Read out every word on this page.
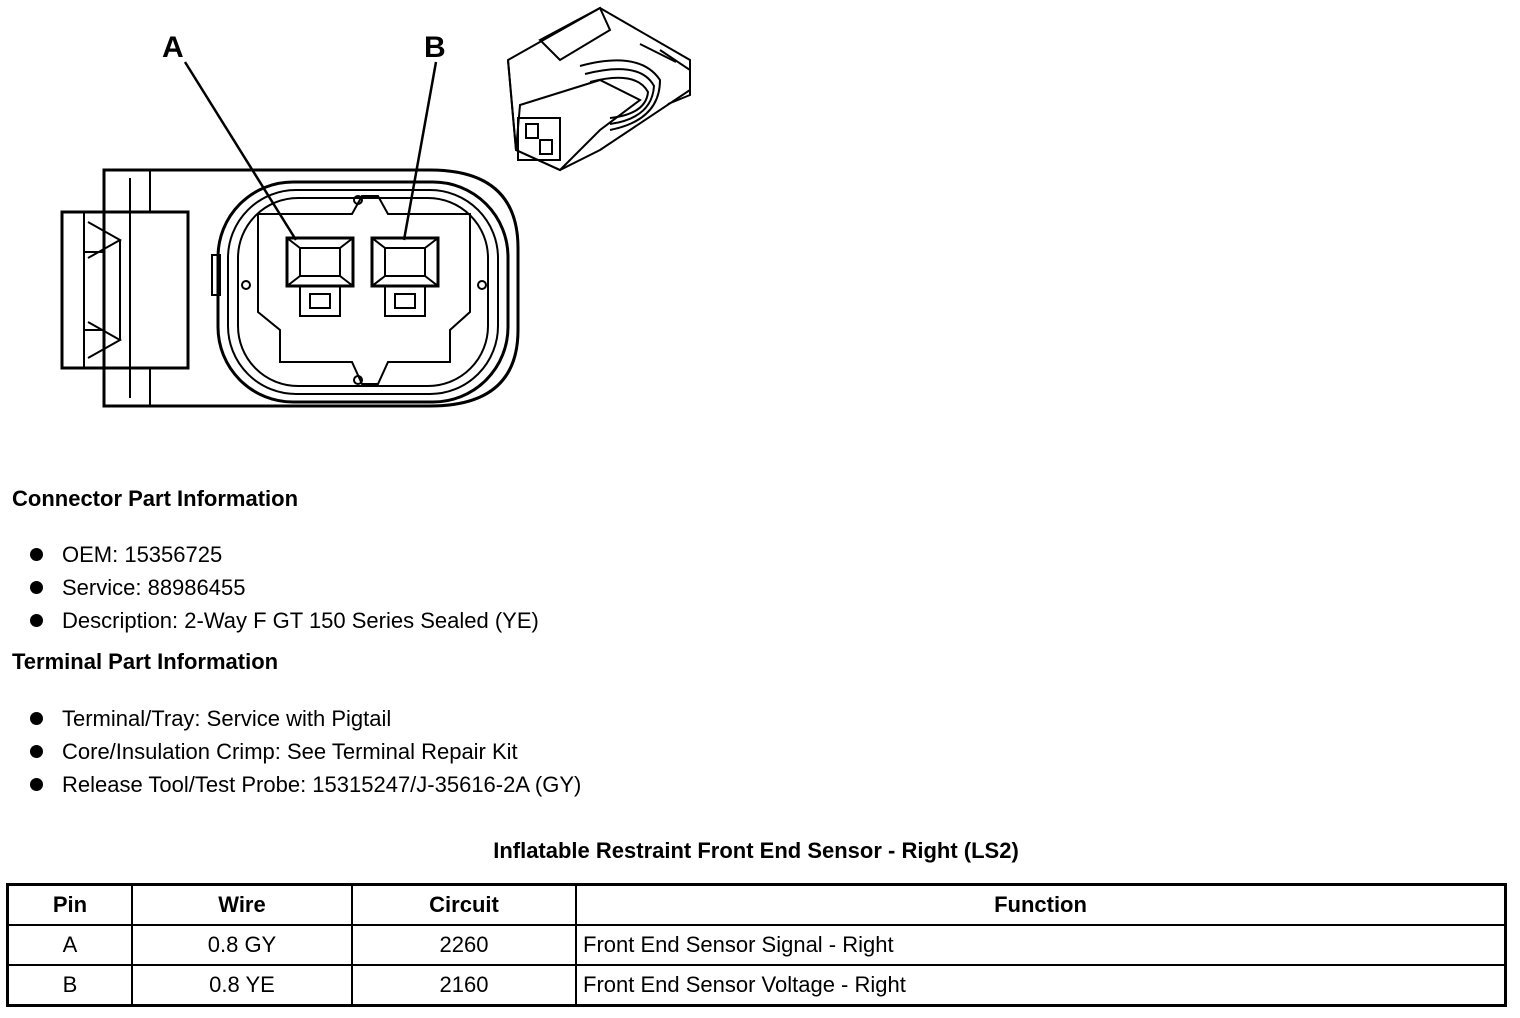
A	B
Connector Part Information
OEM: 15356725
Service: 88986455
Description: 2-Way F GT 150 Series Sealed (YE)
Terminal Part Information
Terminal/Tray: Service with Pigtail
Core/Insulation Crimp: See Terminal Repair Kit
Release Tool/Test Probe: 15315247/J-35616-2A (GY)
Inflatable Restraint Front End Sensor - Right (LS2)
Pin	Wire	Circuit	Function
A	0.8 GY	2260	Front End Sensor Signal - Right
B	0.8 YE	2160	Front End Sensor Voltage - Right
